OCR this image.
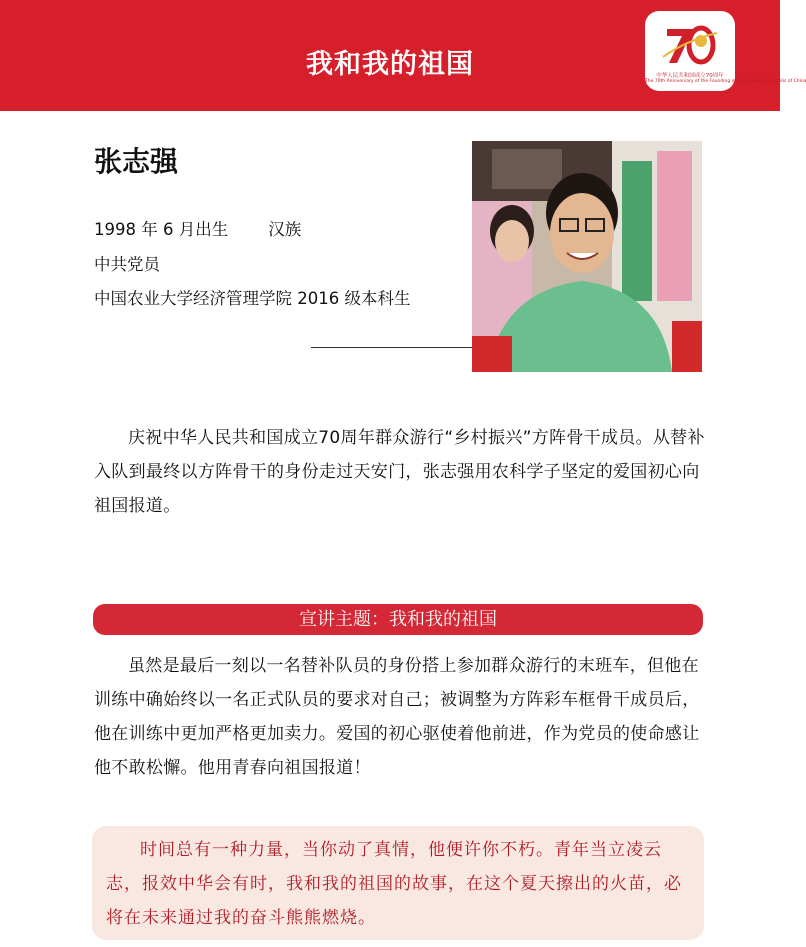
我和我的祖国	中华人民共和国成立70周年
The 70th Anniversary of the Founding of The People's Republic of China
张志强
1998 年 6 月出生 汉族
中共党员
中国农业大学经济管理学院 2016 级本科生
庆祝中华人民共和国成立70周年群众游行“乡村振兴”方阵骨干成员。从替补入队到最终以方阵骨干的身份走过天安门，张志强用农科学子坚定的爱国初心向祖国报道。
宣讲主题：我和我的祖国
虽然是最后一刻以一名替补队员的身份搭上参加群众游行的末班车，但他在训练中确始终以一名正式队员的要求对自己；被调整为方阵彩车框骨干成员后，他在训练中更加严格更加卖力。爱国的初心驱使着他前进，作为党员的使命感让他不敢松懈。他用青春向祖国报道！

时间总有一种力量，当你动了真情，他便许你不朽。青年当立凌云志，报效中华会有时，我和我的祖国的故事，在这个夏天擦出的火苗，必将在未来通过我的奋斗熊熊燃烧。
